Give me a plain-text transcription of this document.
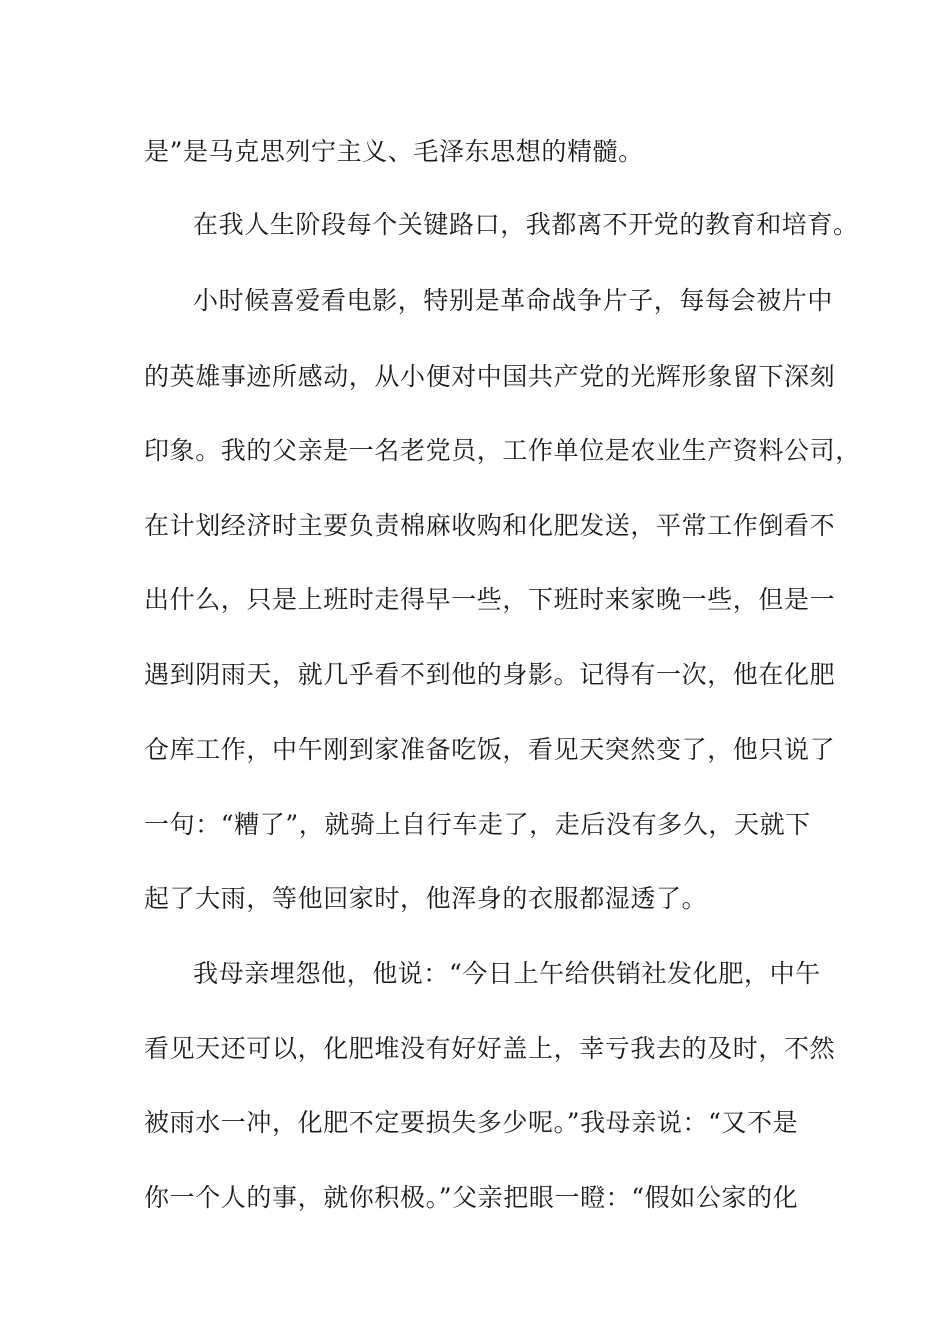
是”是马克思列宁主义、毛泽东思想的精髓。
在我人生阶段每个关键路口，我都离不开党的教育和培育。
小时候喜爱看电影，特别是革命战争片子，每每会被片中
的英雄事迹所感动，从小便对中国共产党的光辉形象留下深刻
印象。我的父亲是一名老党员，工作单位是农业生产资料公司，
在计划经济时主要负责棉麻收购和化肥发送，平常工作倒看不
出什么，只是上班时走得早一些，下班时来家晚一些，但是一
遇到阴雨天，就几乎看不到他的身影。记得有一次，他在化肥
仓库工作，中午刚到家准备吃饭，看见天突然变了，他只说了
一句：“糟了”，就骑上自行车走了，走后没有多久，天就下
起了大雨，等他回家时，他浑身的衣服都湿透了。
我母亲埋怨他，他说：“今日上午给供销社发化肥，中午
看见天还可以，化肥堆没有好好盖上，幸亏我去的及时，不然
被雨水一冲，化肥不定要损失多少呢。”我母亲说：“又不是
你一个人的事，就你积极。”父亲把眼一瞪：“假如公家的化
